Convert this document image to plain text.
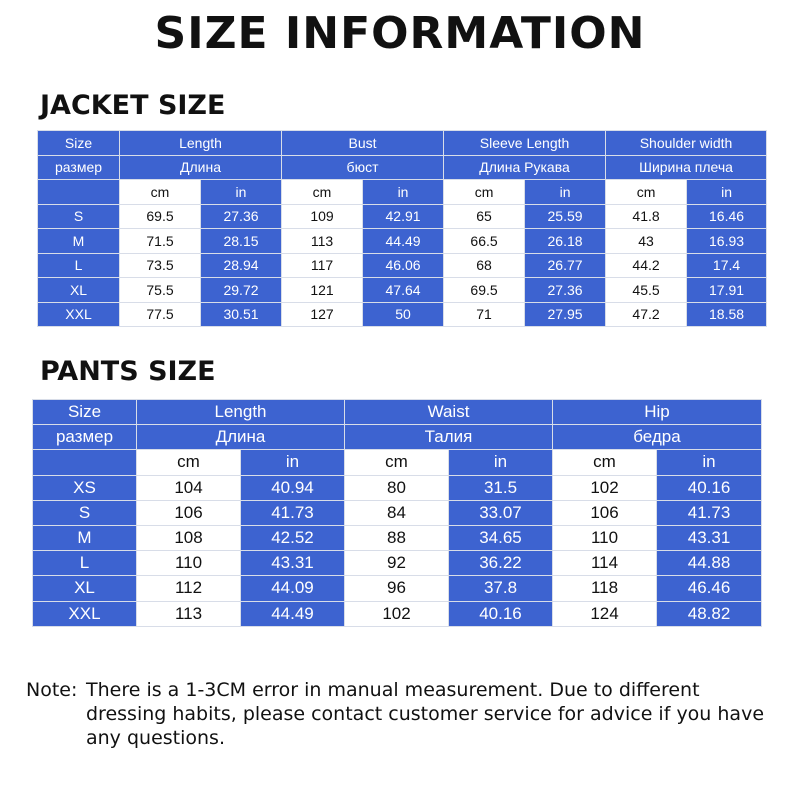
SIZE INFORMATION
JACKET SIZE
Size	Length		Bust		Sleeve Length		Shoulder width	
размер	Длина		бюст		Длина Рукава		Ширина плеча	
	cm	in	cm	in	cm	in	cm	in
S	69.5	27.36	109	42.91	65	25.59	41.8	16.46
M	71.5	28.15	113	44.49	66.5	26.18	43	16.93
L	73.5	28.94	117	46.06	68	26.77	44.2	17.4
XL	75.5	29.72	121	47.64	69.5	27.36	45.5	17.91
XXL	77.5	30.51	127	50	71	27.95	47.2	18.58
PANTS SIZE
Size	Length		Waist		Hip	
размер	Длина		Талия		бедра	
	cm	in	cm	in	cm	in
XS	104	40.94	80	31.5	102	40.16
S	106	41.73	84	33.07	106	41.73
M	108	42.52	88	34.65	110	43.31
L	110	43.31	92	36.22	114	44.88
XL	112	44.09	96	37.8	118	46.46
XXL	113	44.49	102	40.16	124	48.82
Note: There is a 1-3CM error in manual measurement. Due to different dressing habits, please contact customer service for advice if you have any questions.
